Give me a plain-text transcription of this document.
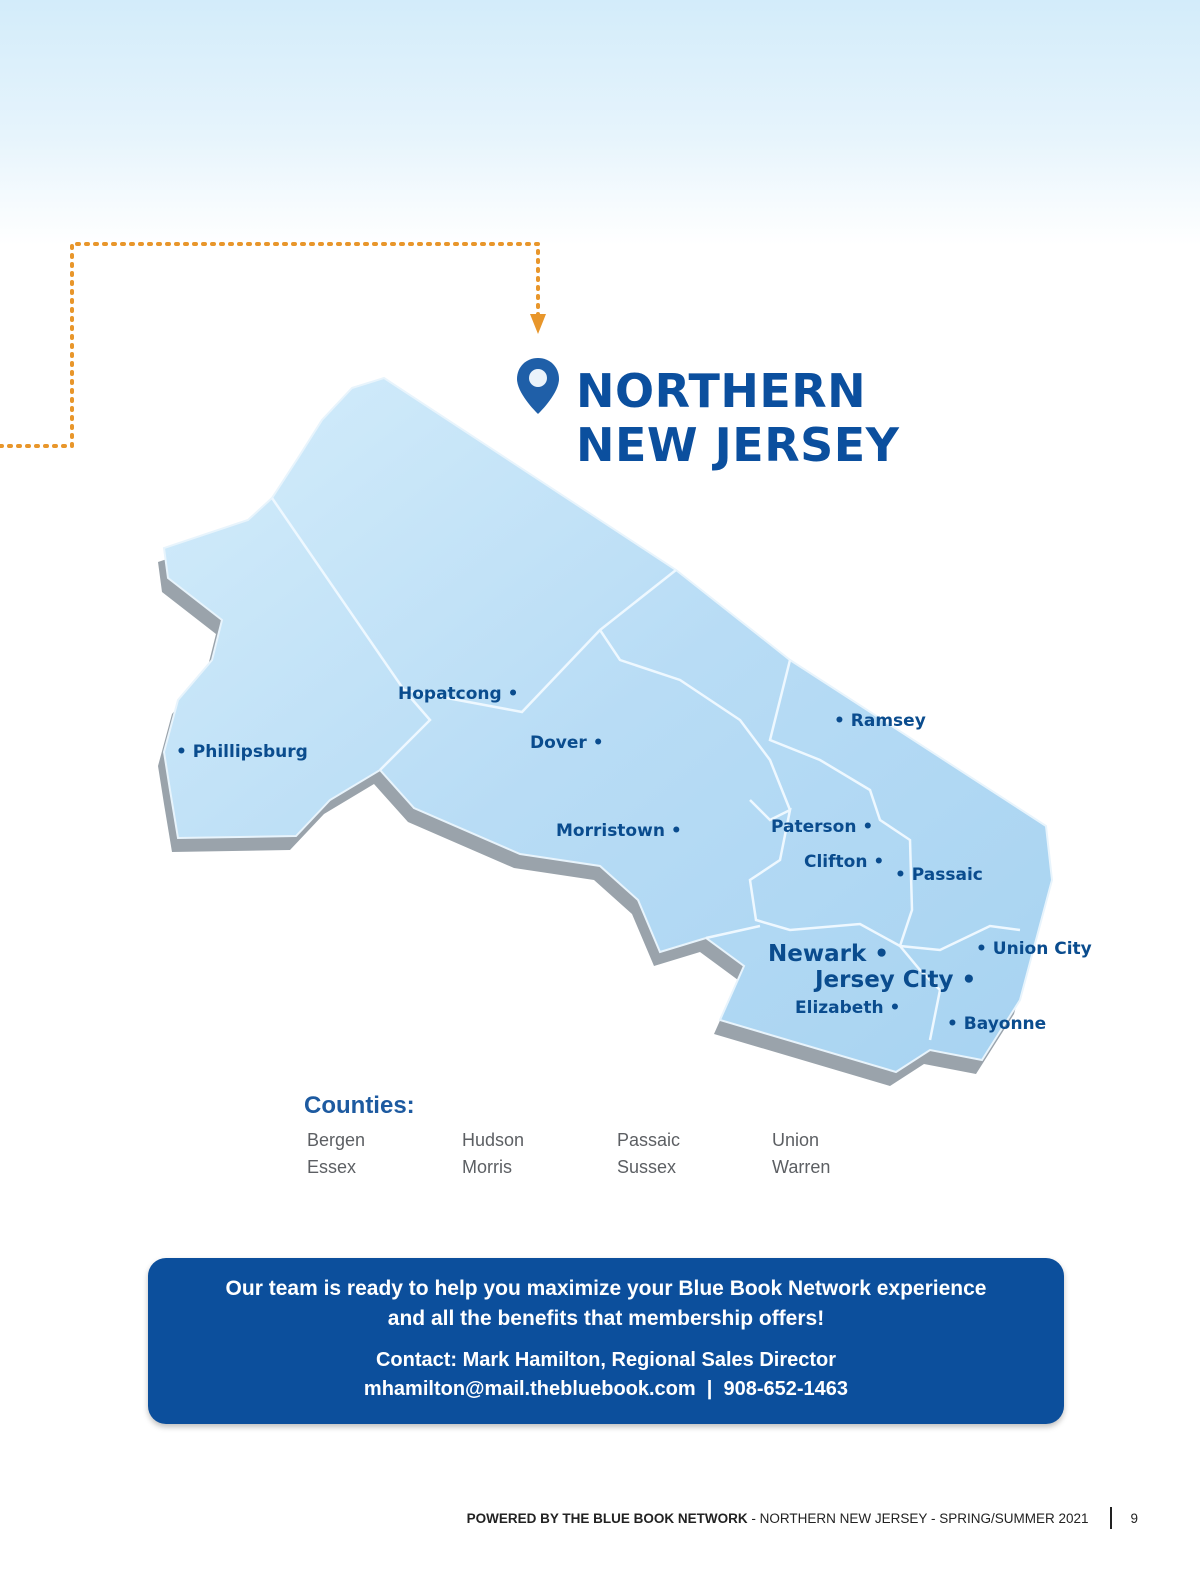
NORTHERN
NEW JERSEY
Hopatcong •
• Phillipsburg	Dover •
• Ramsey
Morristown •	Paterson •
Clifton •
• Passaic
Newark •	• Union City
Jersey City •
Elizabeth •
• Bayonne
Counties:
Bergen	Hudson	Passaic	Union
Essex	Morris	Sussex	Warren
Our team is ready to help you maximize your Blue Book Network experience
and all the benefits that membership offers!
Contact: Mark Hamilton, Regional Sales Director
mhamilton@mail.thebluebook.com  |  908-652-1463
POWERED BY THE BLUE BOOK NETWORK - NORTHERN NEW JERSEY - SPRING/SUMMER 2021	9
